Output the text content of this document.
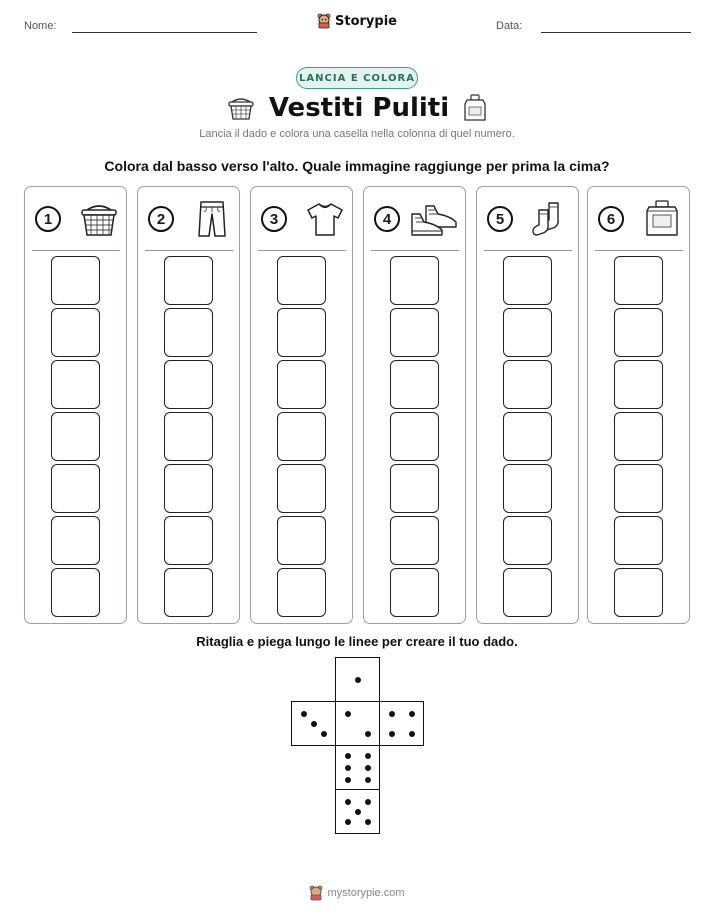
Nome:	Data:
Storypie
LANCIA E COLORA
Vestiti Puliti
Lancia il dado e colora una casella nella colonna di quel numero.
Colora dal basso verso l'alto. Quale immagine raggiunge per prima la cima?
1	2	3	4	5	6
Ritaglia e piega lungo le linee per creare il tuo dado.
mystorypie.com
